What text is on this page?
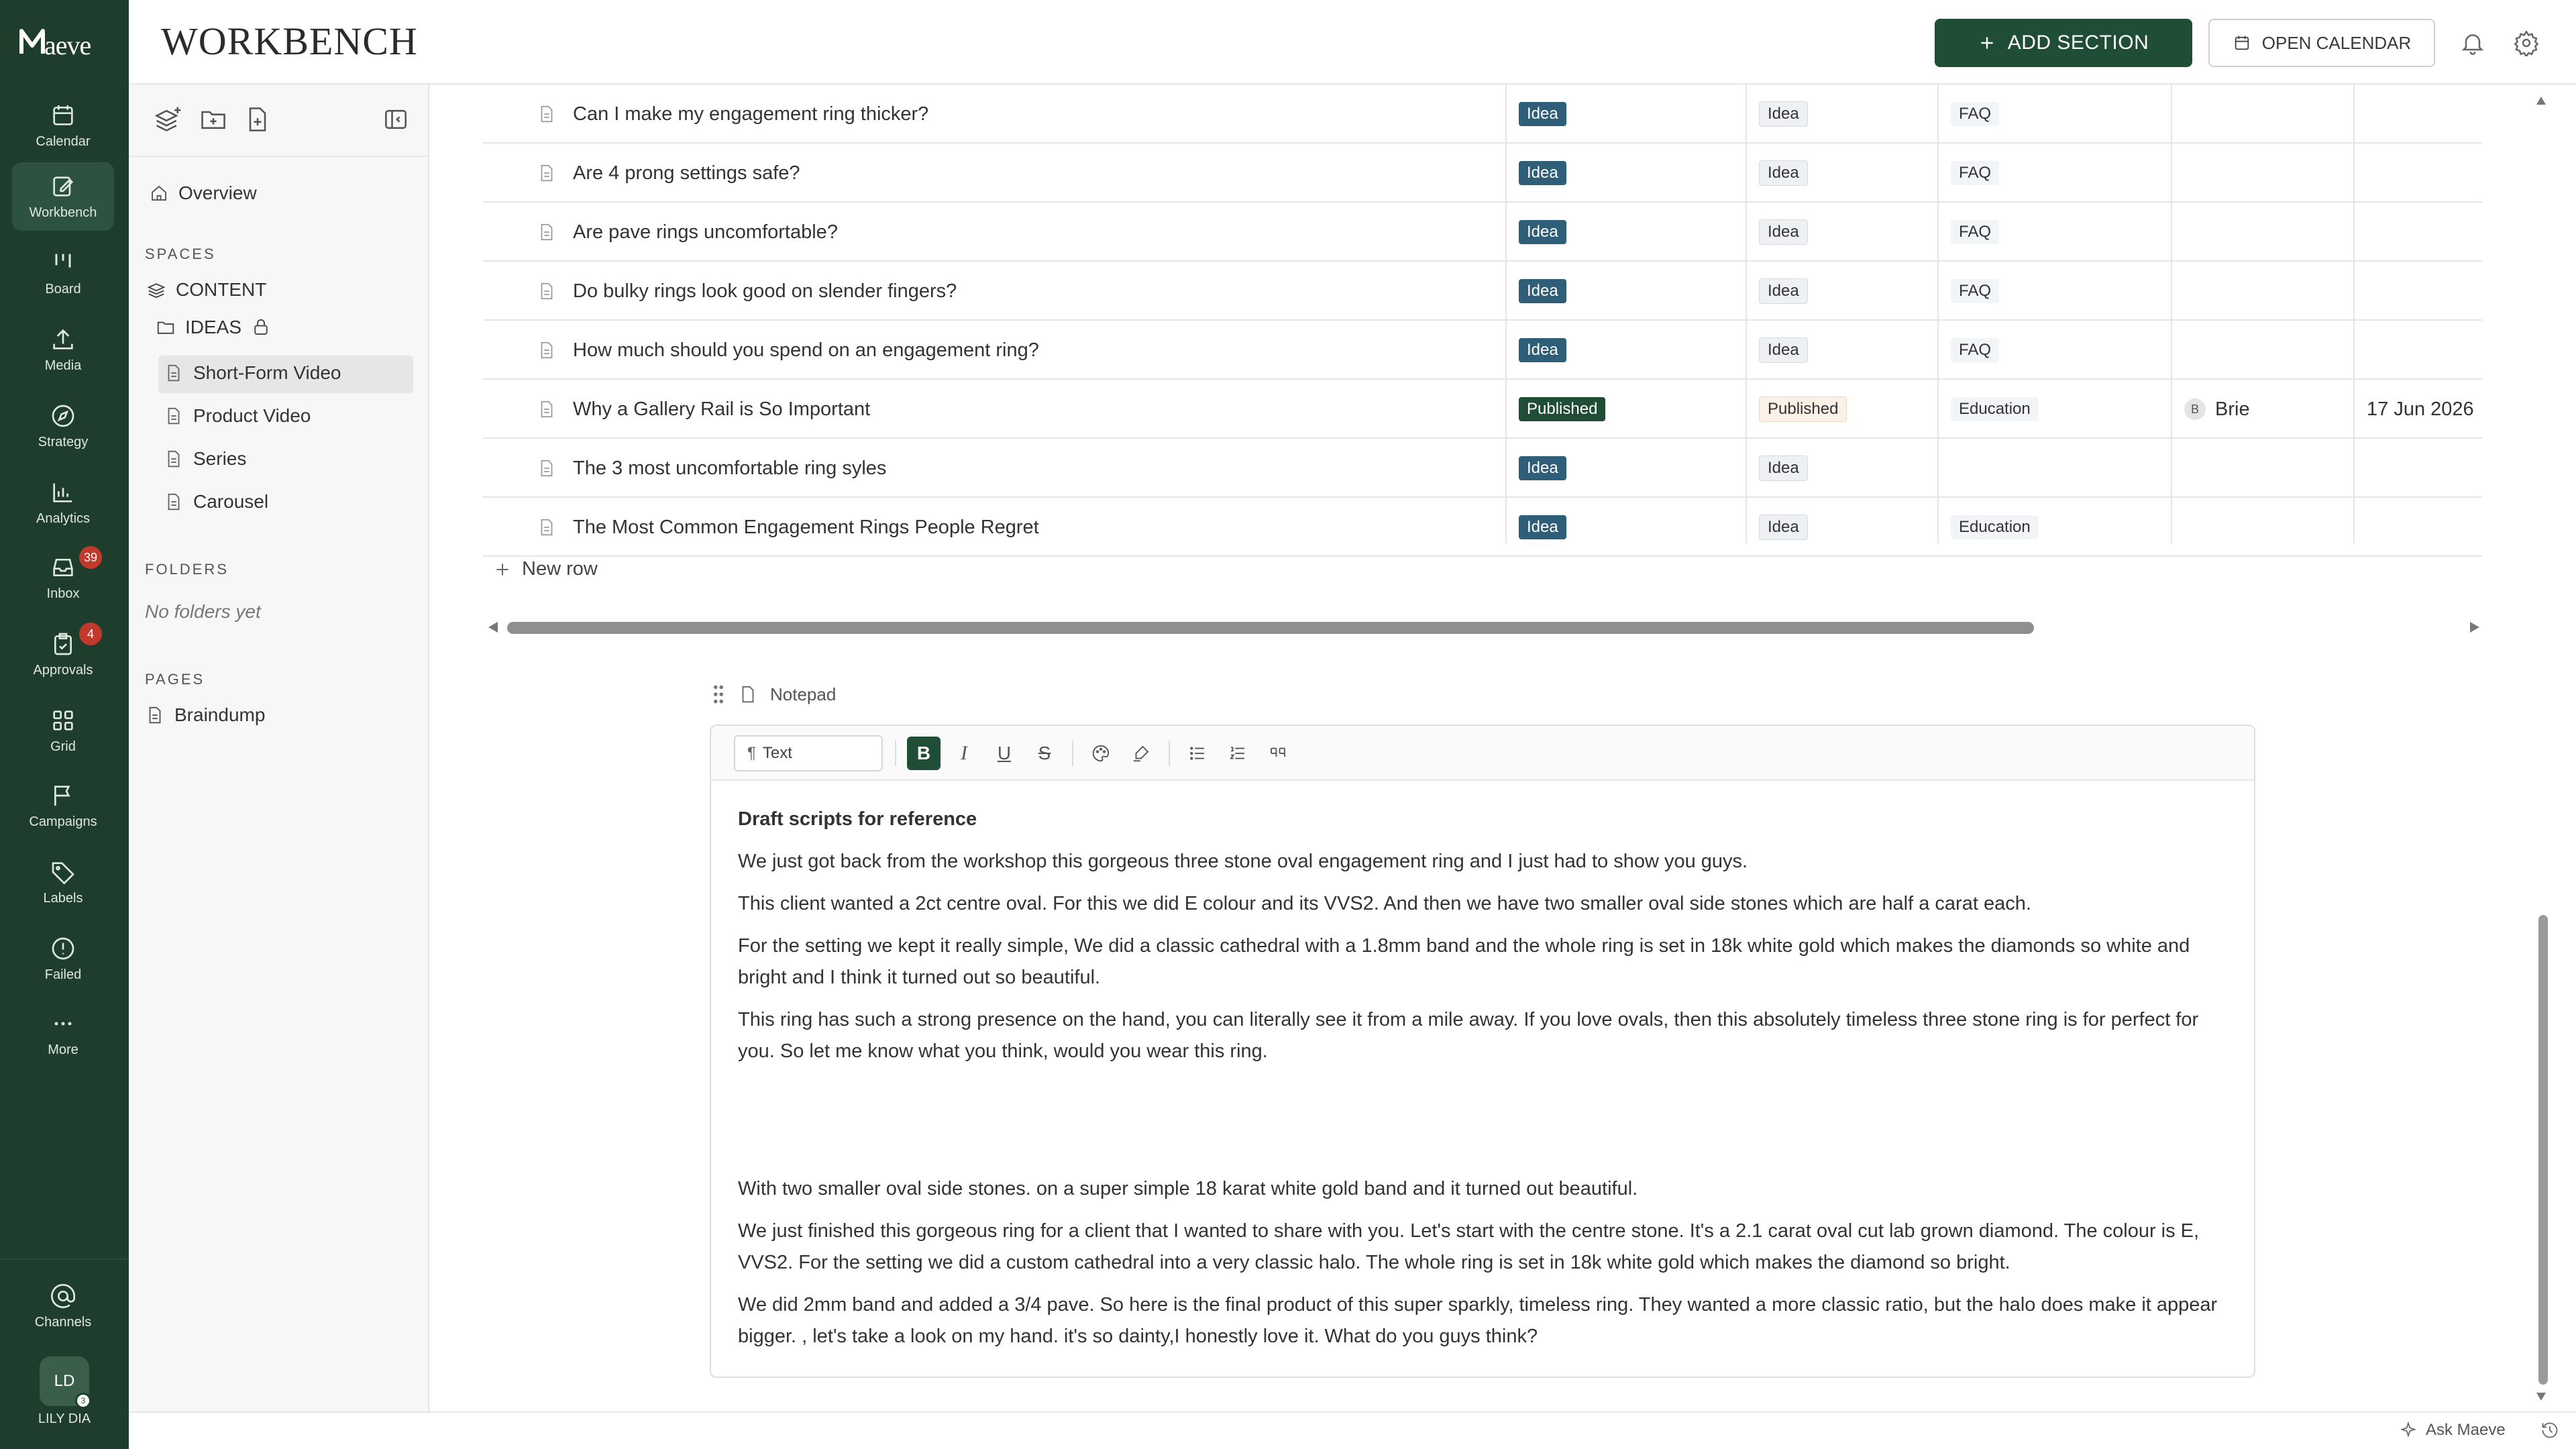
aeve
Calendar
Workbench
Board
Media
Strategy
Analytics
Inbox
39
Approvals
4
Grid
Campaigns
Labels
Failed
More
Channels
LD
3
LILY DIA
WORKBENCH	ADD SECTION	OPEN CALENDAR
Overview
SPACES
CONTENT
IDEAS
Short-Form Video
Product Video
Series
Carousel
FOLDERS
No folders yet
PAGES
Braindump
Can I make my engagement ring thicker?	Idea	Idea	FAQ
Are 4 prong settings safe?	Idea	Idea	FAQ
Are pave rings uncomfortable?	Idea	Idea	FAQ
Do bulky rings look good on slender fingers?	Idea	Idea	FAQ
How much should you spend on an engagement ring?	Idea	Idea	FAQ
Why a Gallery Rail is So Important	Published	Published	Education	B Brie	17 Jun 2026
The 3 most uncomfortable ring syles	Idea	Idea
The Most Common Engagement Rings People Regret	Idea	Idea	Education
New row
Notepad
¶ Text	B I U S

Draft scripts for reference

We just got back from the workshop this gorgeous three stone oval engagement ring and I just had to show you guys.

This client wanted a 2ct centre oval. For this we did E colour and its VVS2. And then we have two smaller oval side stones which are half a carat each.

For the setting we kept it really simple, We did a classic cathedral with a 1.8mm band and the whole ring is set in 18k white gold which makes the diamonds so white and bright and I think it turned out so beautiful.

This ring has such a strong presence on the hand, you can literally see it from a mile away. If you love ovals, then this absolutely timeless three stone ring is for perfect for you. So let me know what you think, would you wear this ring.

With two smaller oval side stones. on a super simple 18 karat white gold band and it turned out beautiful.

We just finished this gorgeous ring for a client that I wanted to share with you. Let's start with the centre stone. It's a 2.1 carat oval cut lab grown diamond. The colour is E, VVS2. For the setting we did a custom cathedral into a very classic halo. The whole ring is set in 18k white gold which makes the diamond so bright.

We did 2mm band and added a 3/4 pave. So here is the final product of this super sparkly, timeless ring. They wanted a more classic ratio, but the halo does make it appear bigger. , let's take a look on my hand. it's so dainty,I honestly love it. What do you guys think?

Ask Maeve
